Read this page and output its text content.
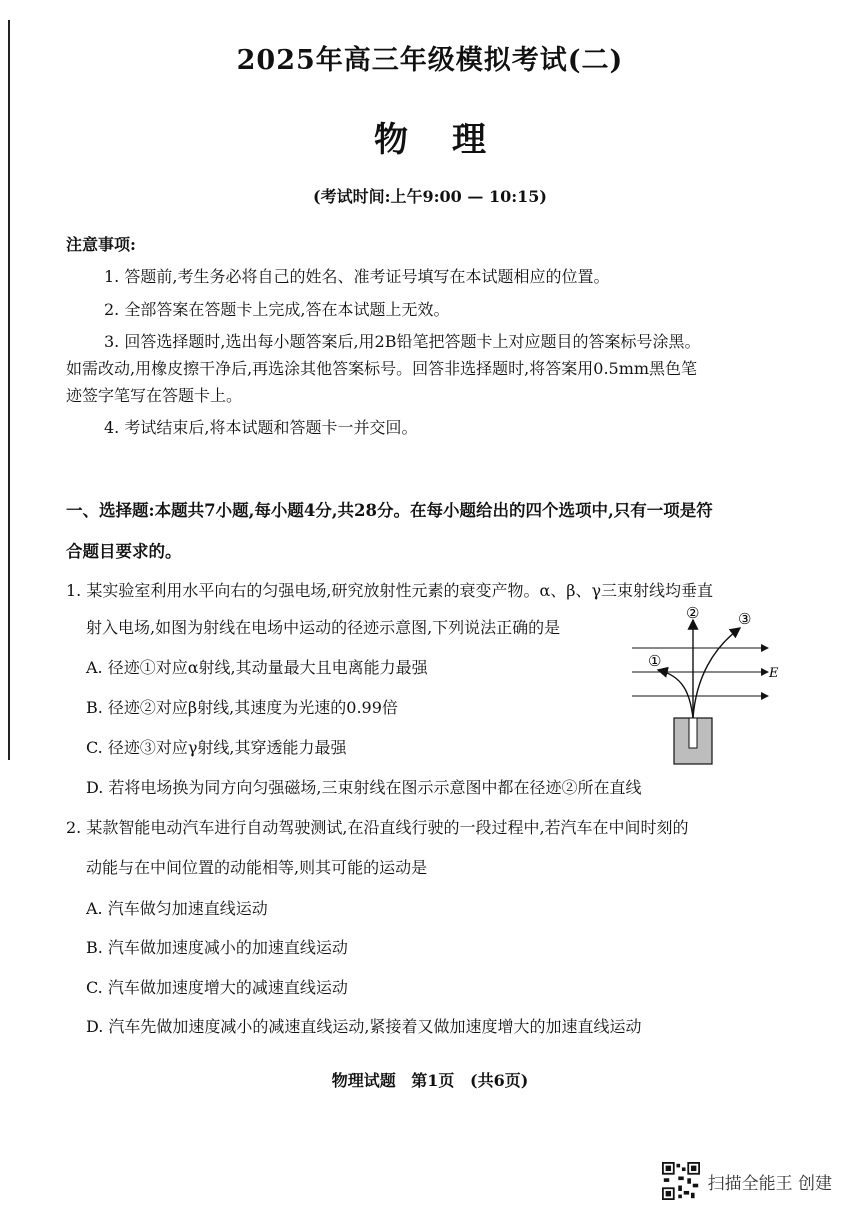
2025年高三年级模拟考试(二)
物理
(考试时间:上午9:00 — 10:15)
注意事项:
1. 答题前,考生务必将自己的姓名、准考证号填写在本试题相应的位置。
2. 全部答案在答题卡上完成,答在本试题上无效。
3. 回答选择题时,选出每小题答案后,用2B铅笔把答题卡上对应题目的答案标号涂黑。
如需改动,用橡皮擦干净后,再选涂其他答案标号。回答非选择题时,将答案用0.5mm黑色笔
迹签字笔写在答题卡上。
4. 考试结束后,将本试题和答题卡一并交回。
一、选择题:本题共7小题,每小题4分,共28分。在每小题给出的四个选项中,只有一项是符
合题目要求的。
1. 某实验室利用水平向右的匀强电场,研究放射性元素的衰变产物。α、β、γ三束射线均垂直
射入电场,如图为射线在电场中运动的径迹示意图,下列说法正确的是
A. 径迹①对应α射线,其动量最大且电离能力最强
B. 径迹②对应β射线,其速度为光速的0.99倍
C. 径迹③对应γ射线,其穿透能力最强
D. 若将电场换为同方向匀强磁场,三束射线在图示示意图中都在径迹②所在直线
E
①
②	③
2. 某款智能电动汽车进行自动驾驶测试,在沿直线行驶的一段过程中,若汽车在中间时刻的
动能与在中间位置的动能相等,则其可能的运动是
A. 汽车做匀加速直线运动
B. 汽车做加速度减小的加速直线运动
C. 汽车做加速度增大的减速直线运动
D. 汽车先做加速度减小的减速直线运动,紧接着又做加速度增大的加速直线运动
物理试题 第1页 (共6页)
扫描全能王 创建
